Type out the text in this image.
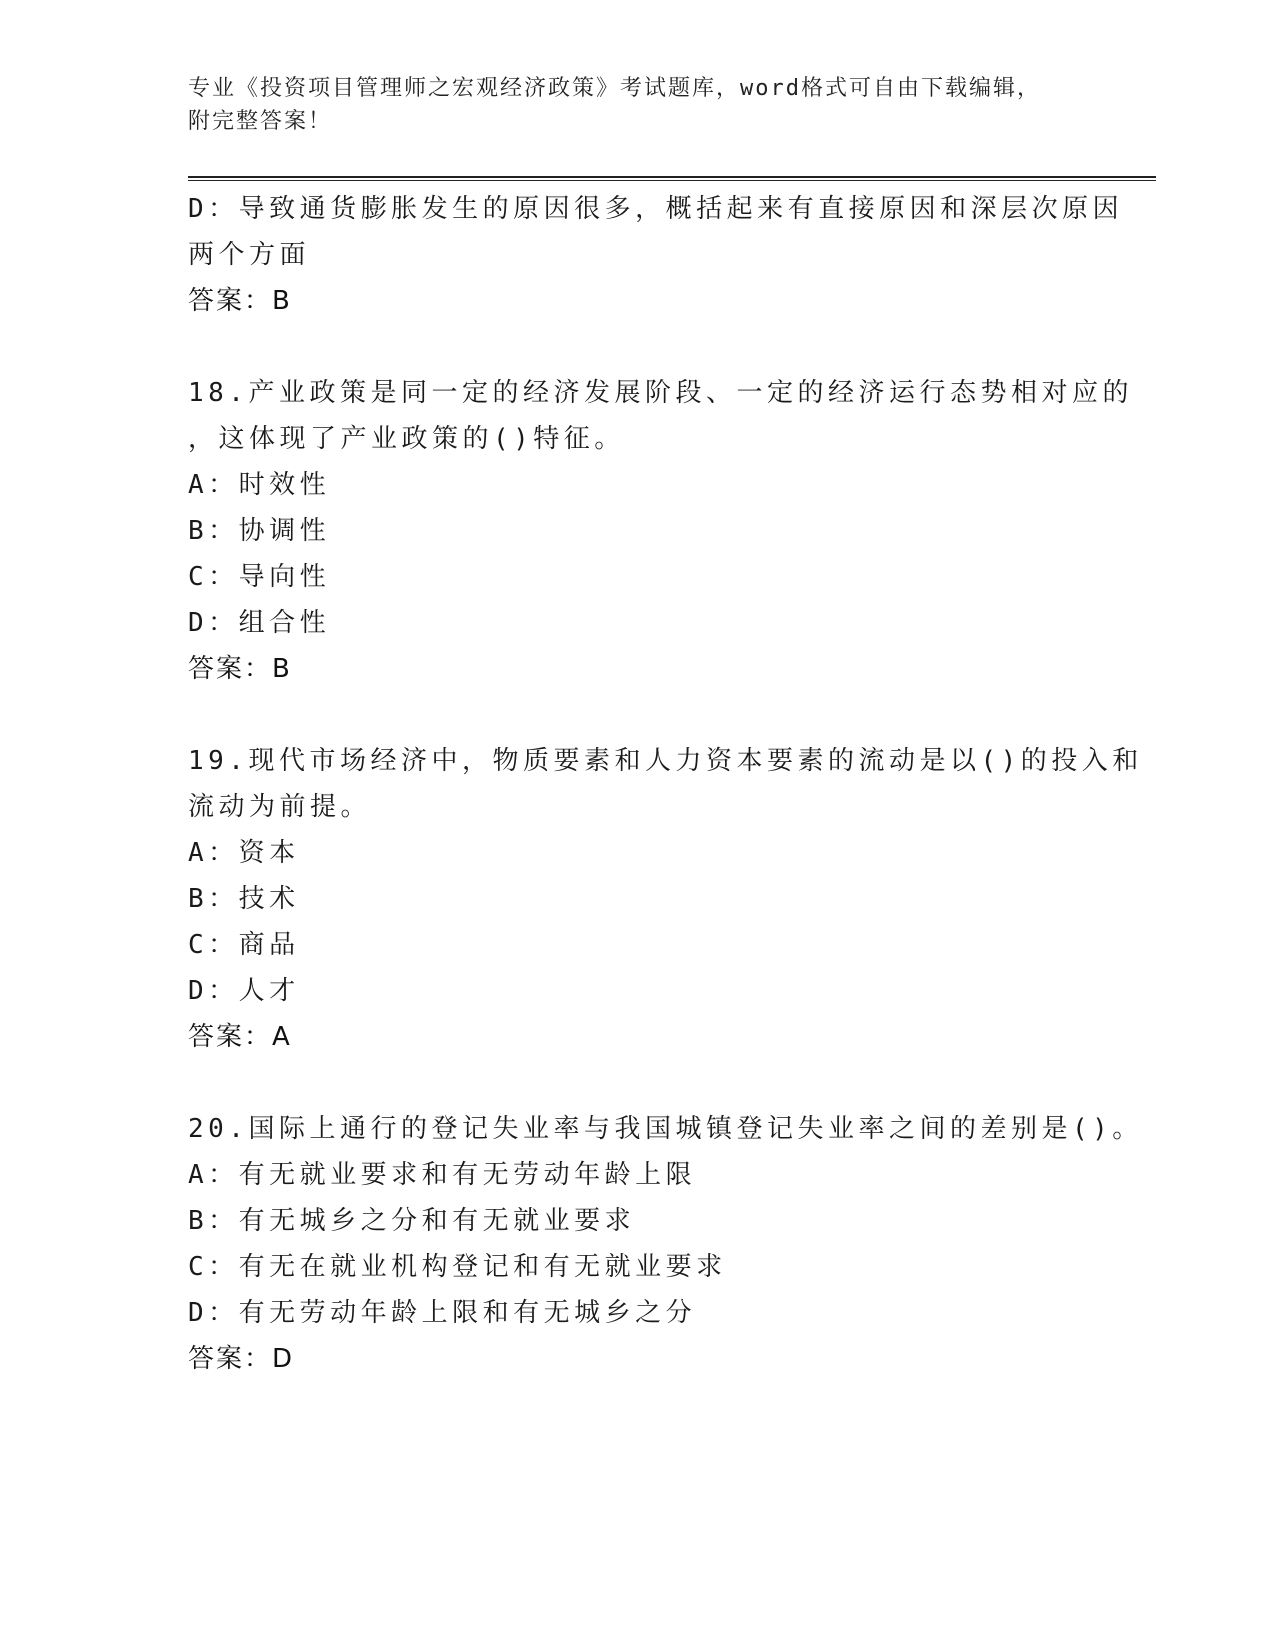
专业《投资项目管理师之宏观经济政策》考试题库，word格式可自由下载编辑，
附完整答案！
D：导致通货膨胀发生的原因很多，概括起来有直接原因和深层次原因
两个方面
答案：B
18.产业政策是同一定的经济发展阶段、一定的经济运行态势相对应的
，这体现了产业政策的()特征。
A：时效性
B：协调性
C：导向性
D：组合性
答案：B
19.现代市场经济中，物质要素和人力资本要素的流动是以()的投入和
流动为前提。
A：资本
B：技术
C：商品
D：人才
答案：A
20.国际上通行的登记失业率与我国城镇登记失业率之间的差别是()。
A：有无就业要求和有无劳动年龄上限
B：有无城乡之分和有无就业要求
C：有无在就业机构登记和有无就业要求
D：有无劳动年龄上限和有无城乡之分
答案：D
